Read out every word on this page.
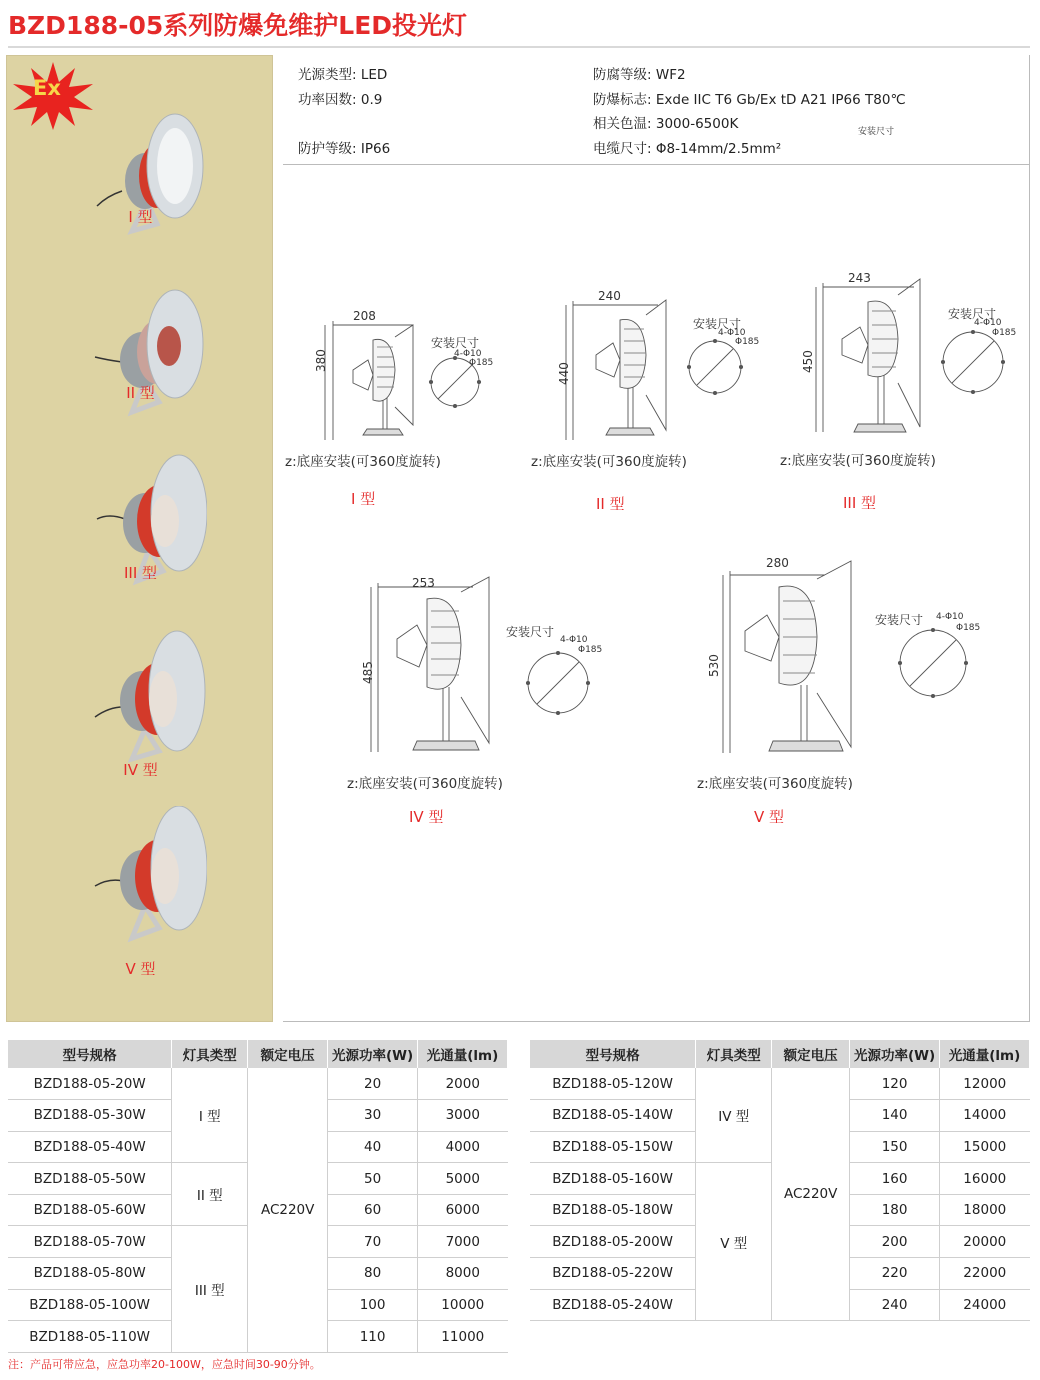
BZD188-05系列防爆免维护LED投光灯
Ex
I 型
II 型
III 型
IV 型
V 型
光源类型: LED
功率因数: 0.9
防护等级: IP66
防腐等级: WF2
防爆标志: Exde IIC T6 Gb/Ex tD A21 IP66 T80℃
相关色温: 3000-6500K
电缆尺寸: Φ8-14mm/2.5mm²
安装尺寸
208
380
240
440
243
450
253
485
280
530
安装尺寸
4-Φ10
Φ185
安装尺寸
4-Φ10
Φ185
安装尺寸
4-Φ10
Φ185
安装尺寸
4-Φ10
Φ185
安装尺寸 4-Φ10
Φ185
z:底座安装(可360度旋转)	z:底座安装(可360度旋转)	z:底座安装(可360度旋转)
z:底座安装(可360度旋转)	z:底座安装(可360度旋转)
I 型	II 型	III 型
IV 型	V 型
型号规格	灯具类型	额定电压	光源功率(W)	光通量(lm)
BZD188-05-20W	I 型	AC220V	20	2000
BZD188-05-30W			30	3000
BZD188-05-40W			40	4000
BZD188-05-50W	II 型		50	5000
BZD188-05-60W			60	6000
BZD188-05-70W	III 型		70	7000
BZD188-05-80W			80	8000
BZD188-05-100W			100	10000
BZD188-05-110W			110	11000
型号规格	灯具类型	额定电压	光源功率(W)	光通量(lm)
BZD188-05-120W	IV 型	AC220V	120	12000
BZD188-05-140W			140	14000
BZD188-05-150W			150	15000
BZD188-05-160W	V 型		160	16000
BZD188-05-180W			180	18000
BZD188-05-200W			200	20000
BZD188-05-220W			220	22000
BZD188-05-240W			240	24000
注：产品可带应急，应急功率20-100W，应急时间30-90分钟。
